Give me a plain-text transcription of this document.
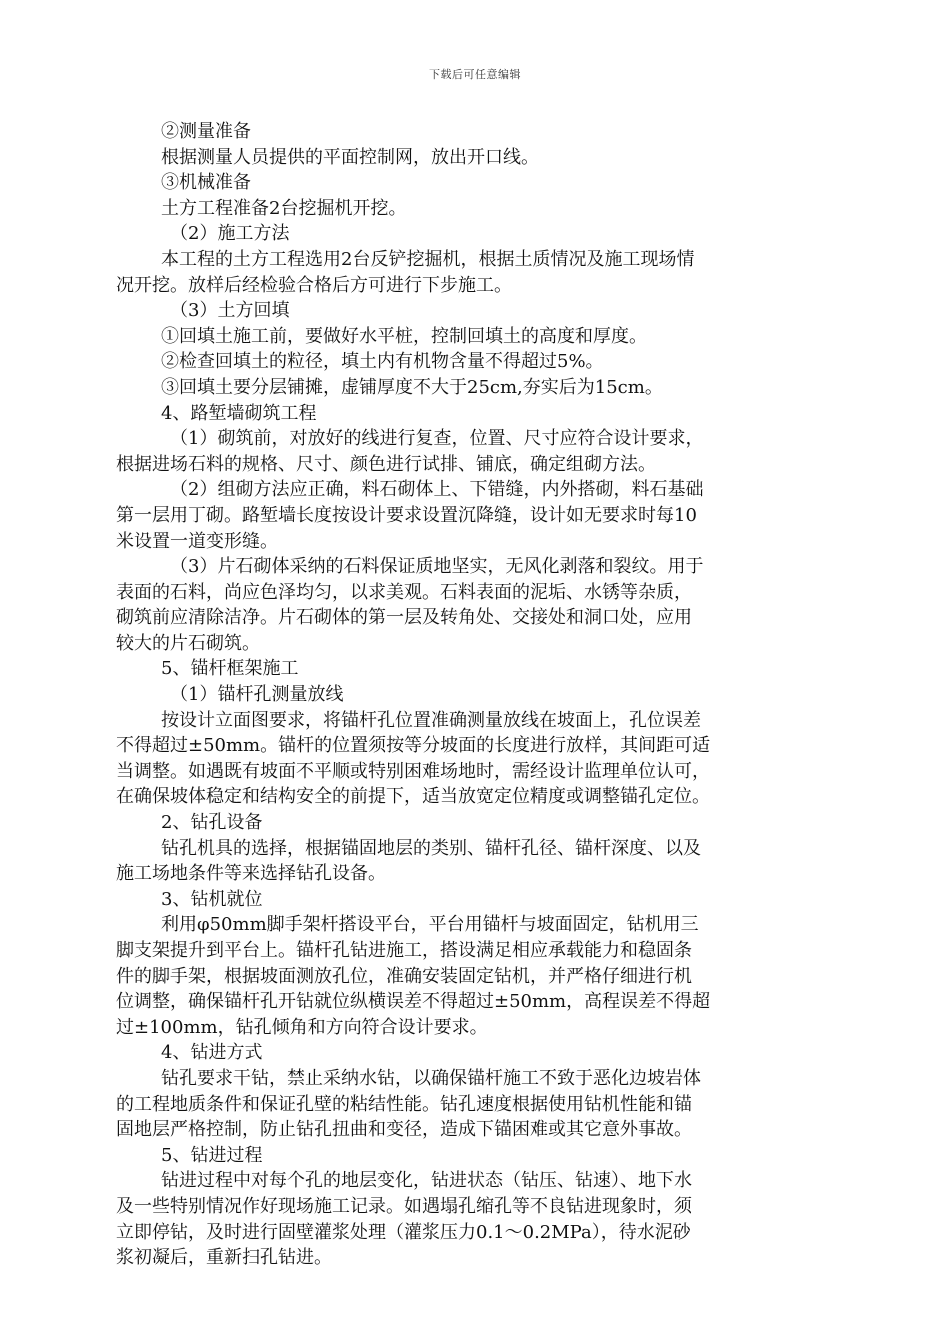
下载后可任意编辑
②测量准备
根据测量人员提供的平面控制网，放出开口线。
③机械准备
土方工程准备2台挖掘机开挖。
（2）施工方法
本工程的土方工程选用2台反铲挖掘机，根据土质情况及施工现场情
况开挖。放样后经检验合格后方可进行下步施工。
（3）土方回填
①回填土施工前，要做好水平桩，控制回填土的高度和厚度。
②检查回填土的粒径，填土内有机物含量不得超过5%。
③回填土要分层铺摊，虚铺厚度不大于25cm,夯实后为15cm。
4、路堑墙砌筑工程
（1）砌筑前，对放好的线进行复查，位置、尺寸应符合设计要求，
根据进场石料的规格、尺寸、颜色进行试排、铺底，确定组砌方法。
（2）组砌方法应正确，料石砌体上、下错缝，内外搭砌，料石基础
第一层用丁砌。路堑墙长度按设计要求设置沉降缝，设计如无要求时每10
米设置一道变形缝。
（3）片石砌体采纳的石料保证质地坚实，无风化剥落和裂纹。用于
表面的石料，尚应色泽均匀，以求美观。石料表面的泥垢、水锈等杂质，
砌筑前应清除洁净。片石砌体的第一层及转角处、交接处和洞口处，应用
较大的片石砌筑。
5、锚杆框架施工
（1）锚杆孔测量放线
按设计立面图要求，将锚杆孔位置准确测量放线在坡面上，孔位误差
不得超过±50mm。锚杆的位置须按等分坡面的长度进行放样，其间距可适
当调整。如遇既有坡面不平顺或特别困难场地时，需经设计监理单位认可，
在确保坡体稳定和结构安全的前提下，适当放宽定位精度或调整锚孔定位。
2、钻孔设备
钻孔机具的选择，根据锚固地层的类别、锚杆孔径、锚杆深度、以及
施工场地条件等来选择钻孔设备。
3、钻机就位
利用φ50mm脚手架杆搭设平台，平台用锚杆与坡面固定，钻机用三
脚支架提升到平台上。锚杆孔钻进施工，搭设满足相应承载能力和稳固条
件的脚手架，根据坡面测放孔位，准确安装固定钻机，并严格仔细进行机
位调整，确保锚杆孔开钻就位纵横误差不得超过±50mm，高程误差不得超
过±100mm，钻孔倾角和方向符合设计要求。
4、钻进方式
钻孔要求干钻，禁止采纳水钻，以确保锚杆施工不致于恶化边坡岩体
的工程地质条件和保证孔壁的粘结性能。钻孔速度根据使用钻机性能和锚
固地层严格控制，防止钻孔扭曲和变径，造成下锚困难或其它意外事故。
5、钻进过程
钻进过程中对每个孔的地层变化，钻进状态（钻压、钻速）、地下水
及一些特别情况作好现场施工记录。如遇塌孔缩孔等不良钻进现象时，须
立即停钻，及时进行固壁灌浆处理（灌浆压力0.1～0.2MPa），待水泥砂
浆初凝后，重新扫孔钻进。
